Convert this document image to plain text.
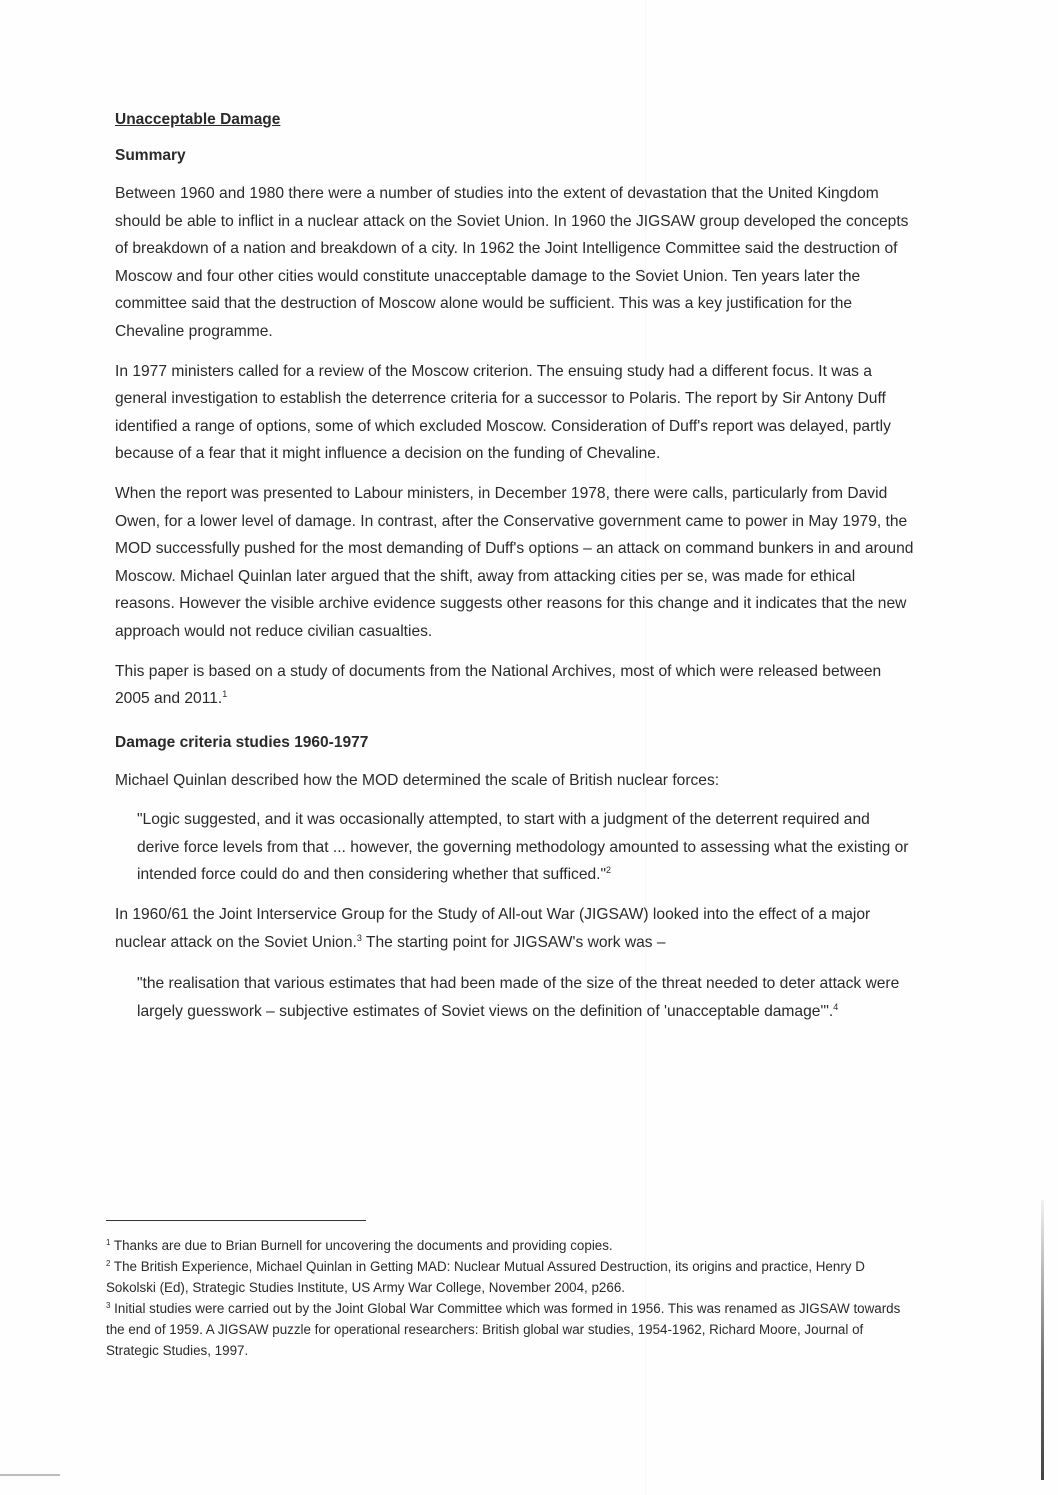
Unacceptable Damage
Summary

Between 1960 and 1980 there were a number of studies into the extent of devastation that the United Kingdom should be able to inflict in a nuclear attack on the Soviet Union. In 1960 the JIGSAW group developed the concepts of breakdown of a nation and breakdown of a city. In 1962 the Joint Intelligence Committee said the destruction of Moscow and four other cities would constitute unacceptable damage to the Soviet Union. Ten years later the committee said that the destruction of Moscow alone would be sufficient. This was a key justification for the Chevaline programme.

In 1977 ministers called for a review of the Moscow criterion. The ensuing study had a different focus. It was a general investigation to establish the deterrence criteria for a successor to Polaris. The report by Sir Antony Duff identified a range of options, some of which excluded Moscow. Consideration of Duff's report was delayed, partly because of a fear that it might influence a decision on the funding of Chevaline.

When the report was presented to Labour ministers, in December 1978, there were calls, particularly from David Owen, for a lower level of damage. In contrast, after the Conservative government came to power in May 1979, the MOD successfully pushed for the most demanding of Duff's options – an attack on command bunkers in and around Moscow. Michael Quinlan later argued that the shift, away from attacking cities per se, was made for ethical reasons. However the visible archive evidence suggests other reasons for this change and it indicates that the new approach would not reduce civilian casualties.

This paper is based on a study of documents from the National Archives, most of which were released between 2005 and 2011.$^1$

Damage criteria studies 1960-1977

Michael Quinlan described how the MOD determined the scale of British nuclear forces:

"Logic suggested, and it was occasionally attempted, to start with a judgment of the deterrent required and derive force levels from that ... however, the governing methodology amounted to assessing what the existing or intended force could do and then considering whether that sufficed."$^2$

In 1960/61 the Joint Interservice Group for the Study of All-out War (JIGSAW) looked into the effect of a major nuclear attack on the Soviet Union.$^3$ The starting point for JIGSAW's work was –

"the realisation that various estimates that had been made of the size of the threat needed to deter attack were largely guesswork – subjective estimates of Soviet views on the definition of 'unacceptable damage'".$^4$

$^1$ Thanks are due to Brian Burnell for uncovering the documents and providing copies.

$^2$ The British Experience, Michael Quinlan in Getting MAD: Nuclear Mutual Assured Destruction, its origins and practice, Henry D Sokolski (Ed), Strategic Studies Institute, US Army War College, November 2004, p266.

$^3$ Initial studies were carried out by the Joint Global War Committee which was formed in 1956. This was renamed as JIGSAW towards the end of 1959. A JIGSAW puzzle for operational researchers: British global war studies, 1954-1962, Richard Moore, Journal of Strategic Studies, 1997.
